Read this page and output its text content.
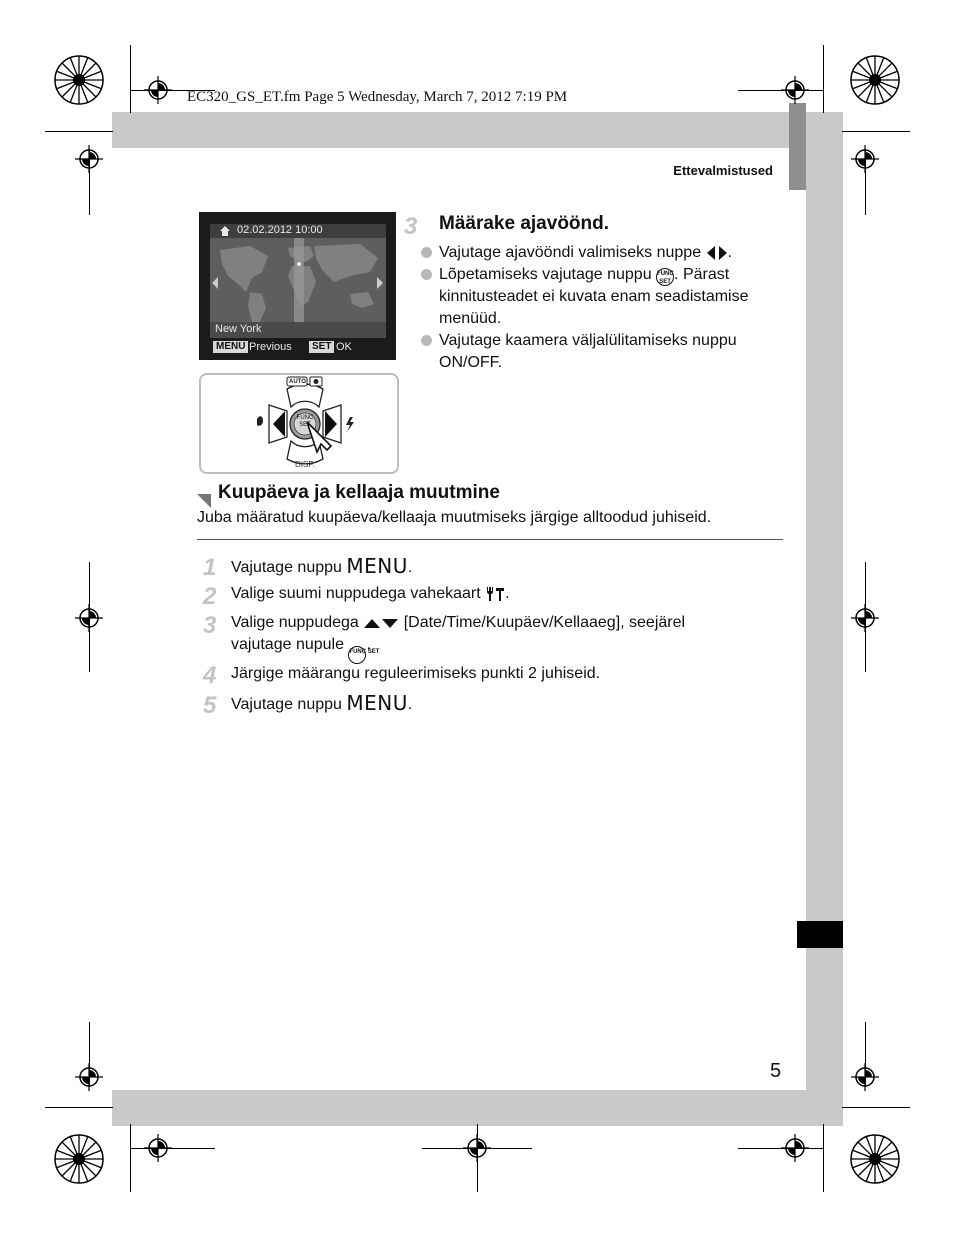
EC320_GS_ET.fm Page 5 Wednesday, March 7, 2012 7:19 PM
Ettevalmistused
02.02.2012 10:00
New York
MENU Previous	SET OK
AUTO
DISP.
FUNC SET
3 Määrake ajavöönd.
Vajutage ajavööndi valimiseks nuppe .
Lõpetamiseks vajutage nuppu FUNC SET . Pärast kinnitusteadet ei kuvata enam seadistamise menüüd.
Vajutage kaamera väljalülitamiseks nuppu ON/OFF.
Kuupäeva ja kellaaja muutmine
Juba määratud kuupäeva/kellaaja muutmiseks järgige alltoodud juhiseid.
1 Vajutage nuppu MENU.
2 Valige suumi nuppudega vahekaart .
3 Valige nuppudega  [Date/Time/Kuupäev/Kellaaeg], seejärel
vajutage nupule FUNC SET.
4 Järgige määrangu reguleerimiseks punkti 2 juhiseid.
5 Vajutage nuppu MENU.
5
